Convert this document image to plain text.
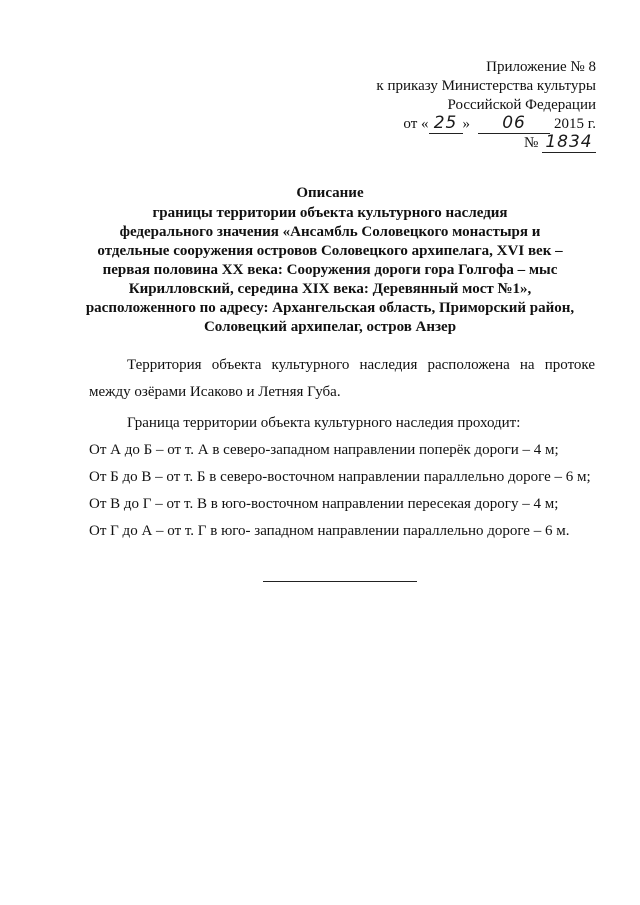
Приложение № 8
к приказу Министерства культуры
Российской Федерации
от « 25 » 06 2015 г.
№ 1834
Описание
границы территории объекта культурного наследия
федерального значения «Ансамбль Соловецкого монастыря и
отдельные сооружения островов Соловецкого архипелага, XVI век –
первая половина XX века: Сооружения дороги гора Голгофа – мыс
Кирилловский, середина XIX века: Деревянный мост №1»,
расположенного по адресу: Архангельская область, Приморский район,
Соловецкий архипелаг, остров Анзер

Территория объекта культурного наследия расположена на протоке между озёрами Исаково и Летняя Губа.

Граница территории объекта культурного наследия проходит:

От А до Б – от т. А в северо-западном направлении поперёк дороги – 4 м;

От Б до В – от т. Б в северо-восточном направлении параллельно дороге – 6 м;

От В до Г – от т. В в юго-восточном направлении пересекая дорогу – 4 м;

От Г до А – от т. Г в юго- западном направлении параллельно дороге – 6 м.
